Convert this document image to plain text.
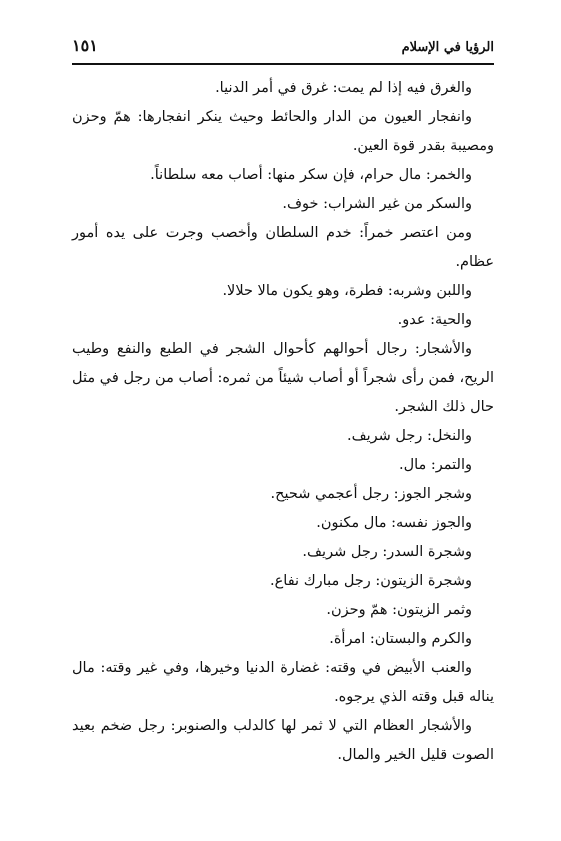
الرؤيا في الإسلام
١٥١

والغرق فيه إذا لم يمت: غرق في أمر الدنيا.

وانفجار العيون من الدار والحائط وحيث ينكر انفجارها: همّ وحزن ومصيبة بقدر قوة العين.

والخمر: مال حرام، فإن سكر منها: أصاب معه سلطاناً.

والسكر من غير الشراب: خوف.

ومن اعتصر خمراً: خدم السلطان وأخصب وجرت على يده أمور عظام.

واللبن وشربه: فطرة، وهو يكون مالا حلالا.

والحية: عدو.

والأشجار: رجال أحوالهم كأحوال الشجر في الطبع والنفع وطيب الريح، فمن رأى شجراً أو أصاب شيئاً من ثمره: أصاب من رجل في مثل حال ذلك الشجر.

والنخل: رجل شريف.

والتمر: مال.

وشجر الجوز: رجل أعجمي شحيح.

والجوز نفسه: مال مكنون.

وشجرة السدر: رجل شريف.

وشجرة الزيتون: رجل مبارك نفاع.

وثمر الزيتون: همّ وحزن.

والكرم والبستان: امرأة.

والعنب الأبيض في وقته: غضارة الدنيا وخيرها، وفي غير وقته: مال يناله قبل وقته الذي يرجوه.

والأشجار العظام التي لا ثمر لها كالدلب والصنوبر: رجل ضخم بعيد الصوت قليل الخير والمال.
